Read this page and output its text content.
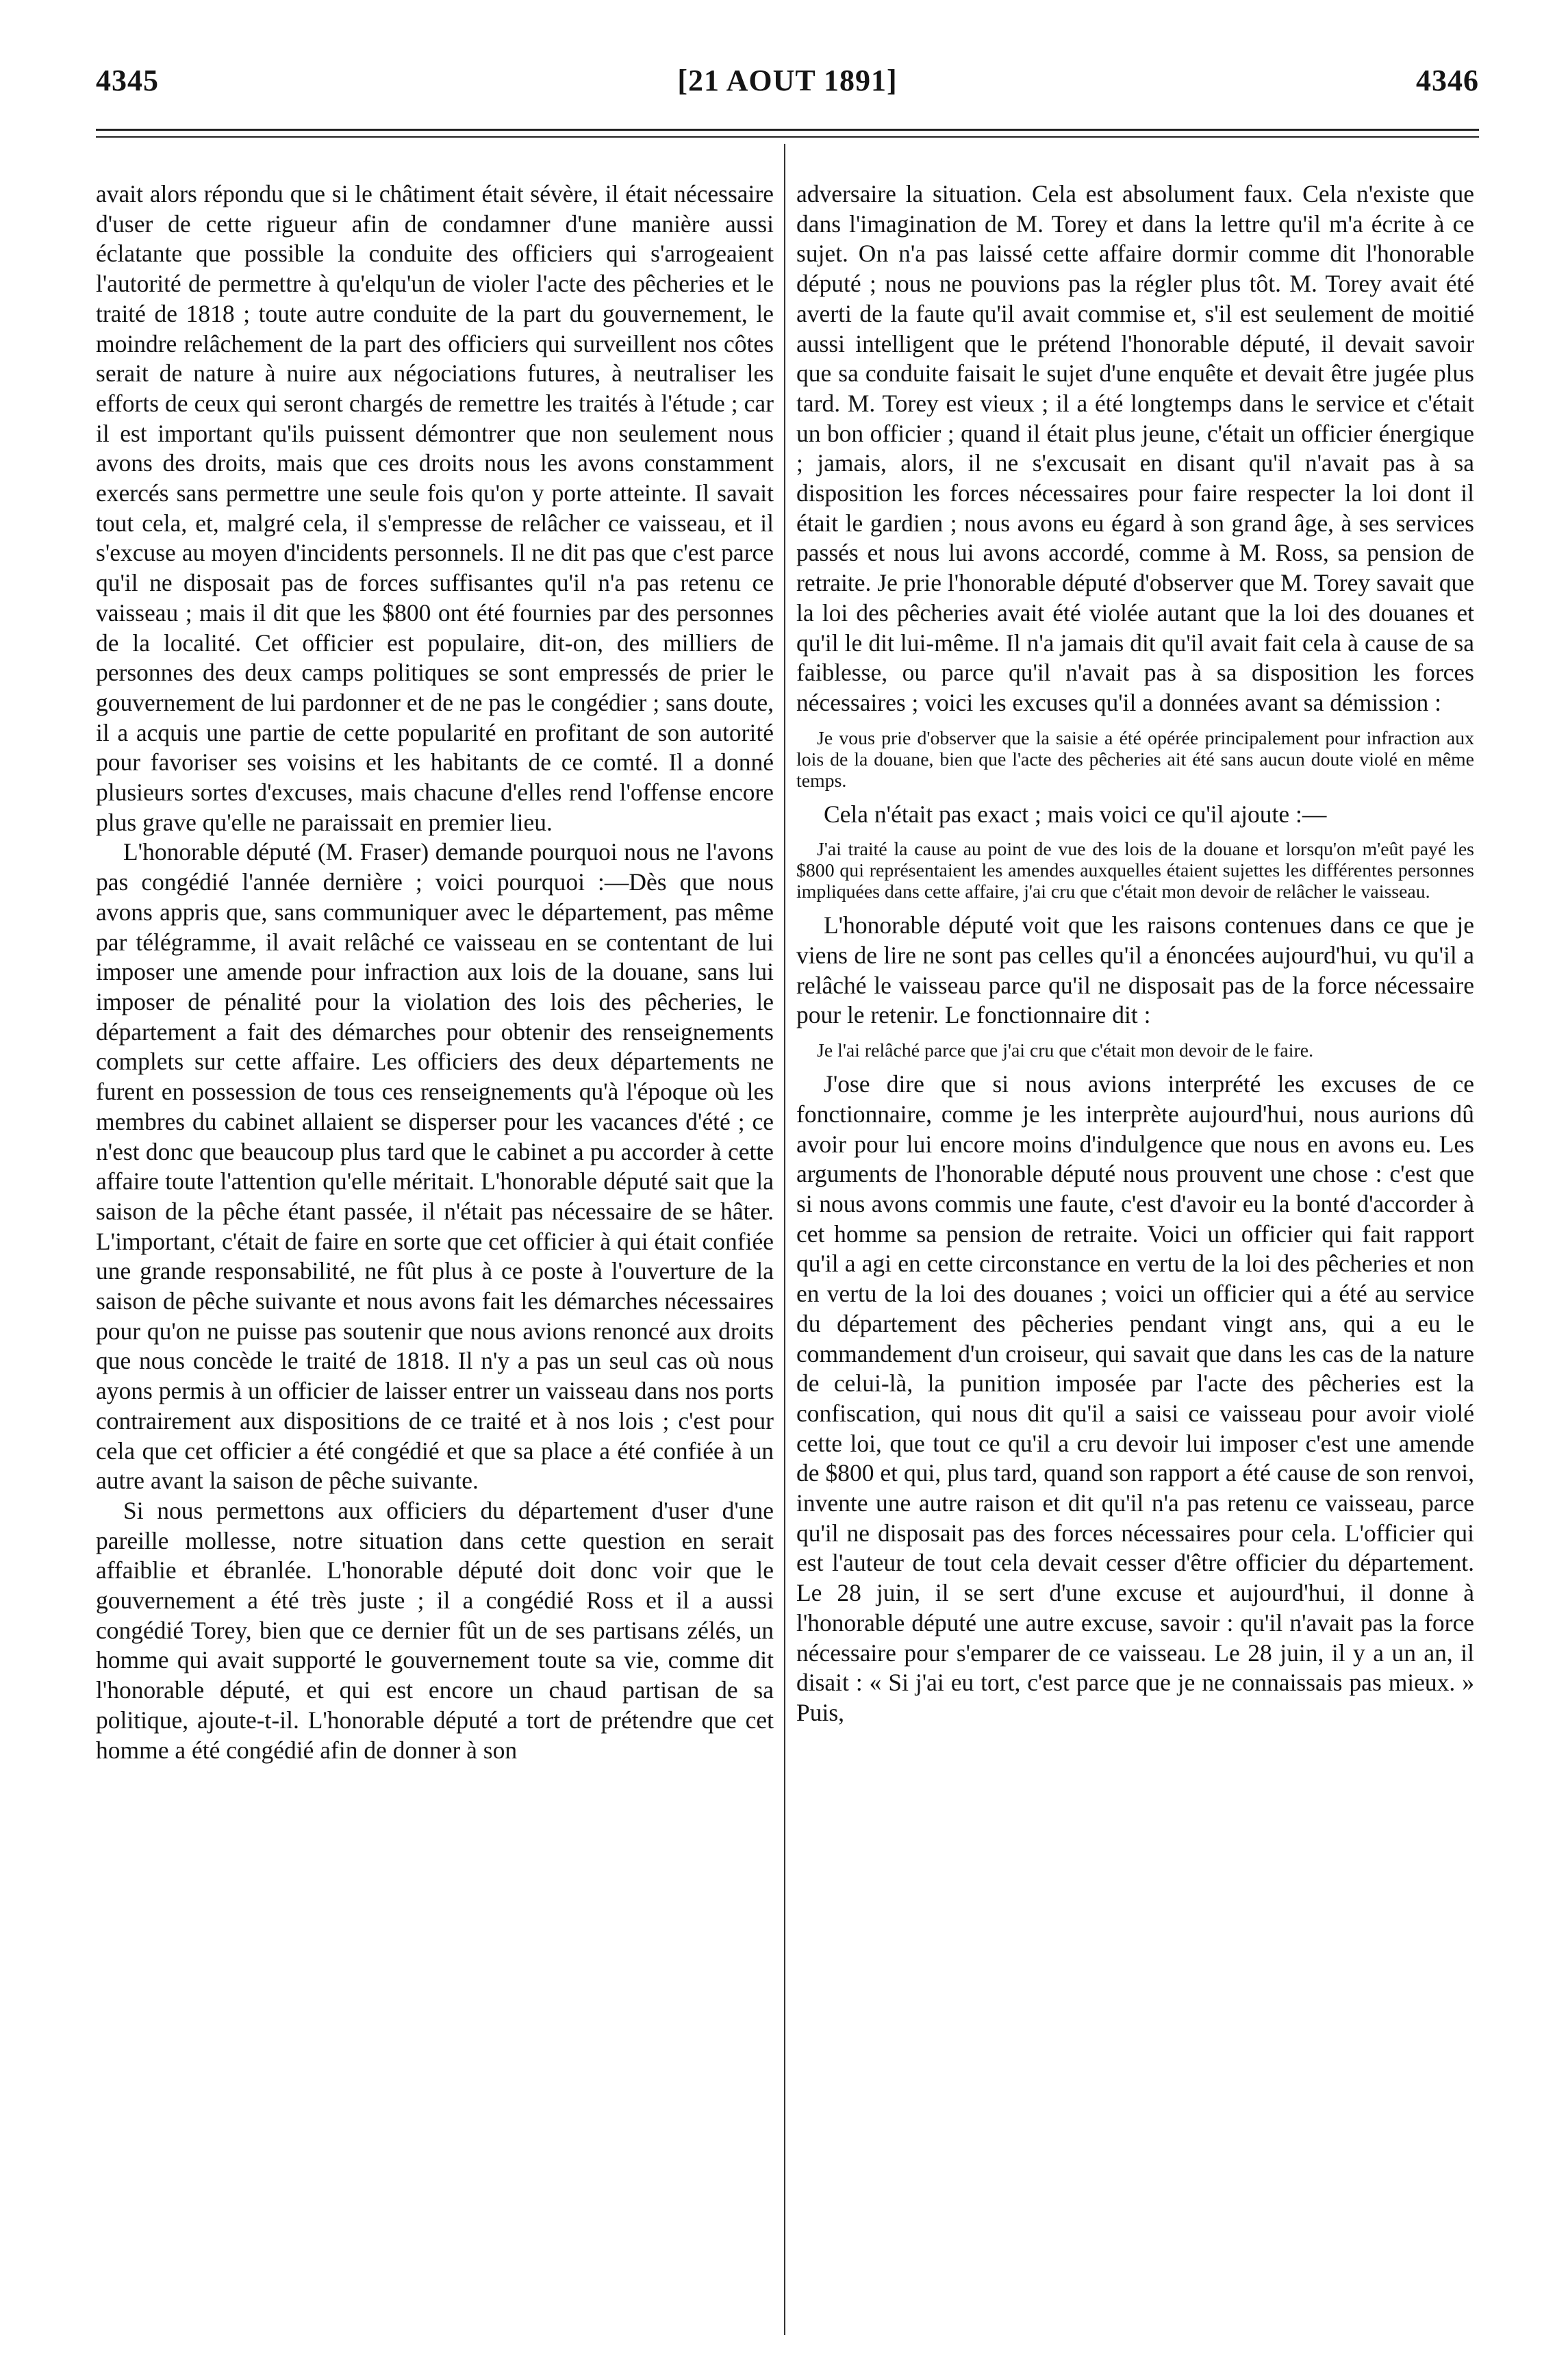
4345	[21 AOUT 1891]	4346

avait alors répondu que si le châtiment était sévère, il était nécessaire d'user de cette rigueur afin de condamner d'une manière aussi éclatante que possible la conduite des officiers qui s'arrogeaient l'autorité de permettre à qu'elqu'un de violer l'acte des pêcheries et le traité de 1818 ; toute autre conduite de la part du gouvernement, le moindre relâchement de la part des officiers qui surveillent nos côtes serait de nature à nuire aux négociations futures, à neutraliser les efforts de ceux qui seront chargés de remettre les traités à l'étude ; car il est important qu'ils puissent démontrer que non seulement nous avons des droits, mais que ces droits nous les avons constamment exercés sans permettre une seule fois qu'on y porte atteinte. Il savait tout cela, et, malgré cela, il s'empresse de relâcher ce vaisseau, et il s'excuse au moyen d'incidents personnels. Il ne dit pas que c'est parce qu'il ne disposait pas de forces suffisantes qu'il n'a pas retenu ce vaisseau ; mais il dit que les $800 ont été fournies par des personnes de la localité. Cet officier est populaire, dit-on, des milliers de personnes des deux camps politiques se sont empressés de prier le gouvernement de lui pardonner et de ne pas le congédier ; sans doute, il a acquis une partie de cette popularité en profitant de son autorité pour favoriser ses voisins et les habitants de ce comté. Il a donné plusieurs sortes d'excuses, mais chacune d'elles rend l'offense encore plus grave qu'elle ne paraissait en premier lieu.

L'honorable député (M. Fraser) demande pourquoi nous ne l'avons pas congédié l'année dernière ; voici pourquoi :—Dès que nous avons appris que, sans communiquer avec le département, pas même par télégramme, il avait relâché ce vaisseau en se contentant de lui imposer une amende pour infraction aux lois de la douane, sans lui imposer de pénalité pour la violation des lois des pêcheries, le département a fait des démarches pour obtenir des renseignements complets sur cette affaire. Les officiers des deux départements ne furent en possession de tous ces renseignements qu'à l'époque où les membres du cabinet allaient se disperser pour les vacances d'été ; ce n'est donc que beaucoup plus tard que le cabinet a pu accorder à cette affaire toute l'attention qu'elle méritait. L'honorable député sait que la saison de la pêche étant passée, il n'était pas nécessaire de se hâter. L'important, c'était de faire en sorte que cet officier à qui était confiée une grande responsabilité, ne fût plus à ce poste à l'ouverture de la saison de pêche suivante et nous avons fait les démarches nécessaires pour qu'on ne puisse pas soutenir que nous avions renoncé aux droits que nous concède le traité de 1818. Il n'y a pas un seul cas où nous ayons permis à un officier de laisser entrer un vaisseau dans nos ports contrairement aux dispositions de ce traité et à nos lois ; c'est pour cela que cet officier a été congédié et que sa place a été confiée à un autre avant la saison de pêche suivante.

Si nous permettons aux officiers du département d'user d'une pareille mollesse, notre situation dans cette question en serait affaiblie et ébranlée. L'honorable député doit donc voir que le gouvernement a été très juste ; il a congédié Ross et il a aussi congédié Torey, bien que ce dernier fût un de ses partisans zélés, un homme qui avait supporté le gouvernement toute sa vie, comme dit l'honorable député, et qui est encore un chaud partisan de sa politique, ajoute-t-il. L'honorable député a tort de prétendre que cet homme a été congédié afin de donner à son

adversaire la situation. Cela est absolument faux. Cela n'existe que dans l'imagination de M. Torey et dans la lettre qu'il m'a écrite à ce sujet. On n'a pas laissé cette affaire dormir comme dit l'honorable député ; nous ne pouvions pas la régler plus tôt. M. Torey avait été averti de la faute qu'il avait commise et, s'il est seulement de moitié aussi intelligent que le prétend l'honorable député, il devait savoir que sa conduite faisait le sujet d'une enquête et devait être jugée plus tard. M. Torey est vieux ; il a été longtemps dans le service et c'était un bon officier ; quand il était plus jeune, c'était un officier énergique ; jamais, alors, il ne s'excusait en disant qu'il n'avait pas à sa disposition les forces nécessaires pour faire respecter la loi dont il était le gardien ; nous avons eu égard à son grand âge, à ses services passés et nous lui avons accordé, comme à M. Ross, sa pension de retraite. Je prie l'honorable député d'observer que M. Torey savait que la loi des pêcheries avait été violée autant que la loi des douanes et qu'il le dit lui-même. Il n'a jamais dit qu'il avait fait cela à cause de sa faiblesse, ou parce qu'il n'avait pas à sa disposition les forces nécessaires ; voici les excuses qu'il a données avant sa démission :

Je vous prie d'observer que la saisie a été opérée principalement pour infraction aux lois de la douane, bien que l'acte des pêcheries ait été sans aucun doute violé en même temps.

Cela n'était pas exact ; mais voici ce qu'il ajoute :—

J'ai traité la cause au point de vue des lois de la douane et lorsqu'on m'eût payé les $800 qui représentaient les amendes auxquelles étaient sujettes les différentes personnes impliquées dans cette affaire, j'ai cru que c'était mon devoir de relâcher le vaisseau.

L'honorable député voit que les raisons contenues dans ce que je viens de lire ne sont pas celles qu'il a énoncées aujourd'hui, vu qu'il a relâché le vaisseau parce qu'il ne disposait pas de la force nécessaire pour le retenir. Le fonctionnaire dit :

Je l'ai relâché parce que j'ai cru que c'était mon devoir de le faire.

J'ose dire que si nous avions interprété les excuses de ce fonctionnaire, comme je les interprète aujourd'hui, nous aurions dû avoir pour lui encore moins d'indulgence que nous en avons eu. Les arguments de l'honorable député nous prouvent une chose : c'est que si nous avons commis une faute, c'est d'avoir eu la bonté d'accorder à cet homme sa pension de retraite. Voici un officier qui fait rapport qu'il a agi en cette circonstance en vertu de la loi des pêcheries et non en vertu de la loi des douanes ; voici un officier qui a été au service du département des pêcheries pendant vingt ans, qui a eu le commandement d'un croiseur, qui savait que dans les cas de la nature de celui-là, la punition imposée par l'acte des pêcheries est la confiscation, qui nous dit qu'il a saisi ce vaisseau pour avoir violé cette loi, que tout ce qu'il a cru devoir lui imposer c'est une amende de $800 et qui, plus tard, quand son rapport a été cause de son renvoi, invente une autre raison et dit qu'il n'a pas retenu ce vaisseau, parce qu'il ne disposait pas des forces nécessaires pour cela. L'officier qui est l'auteur de tout cela devait cesser d'être officier du département. Le 28 juin, il se sert d'une excuse et aujourd'hui, il donne à l'honorable député une autre excuse, savoir : qu'il n'avait pas la force nécessaire pour s'emparer de ce vaisseau. Le 28 juin, il y a un an, il disait : « Si j'ai eu tort, c'est parce que je ne connaissais pas mieux. » Puis,
